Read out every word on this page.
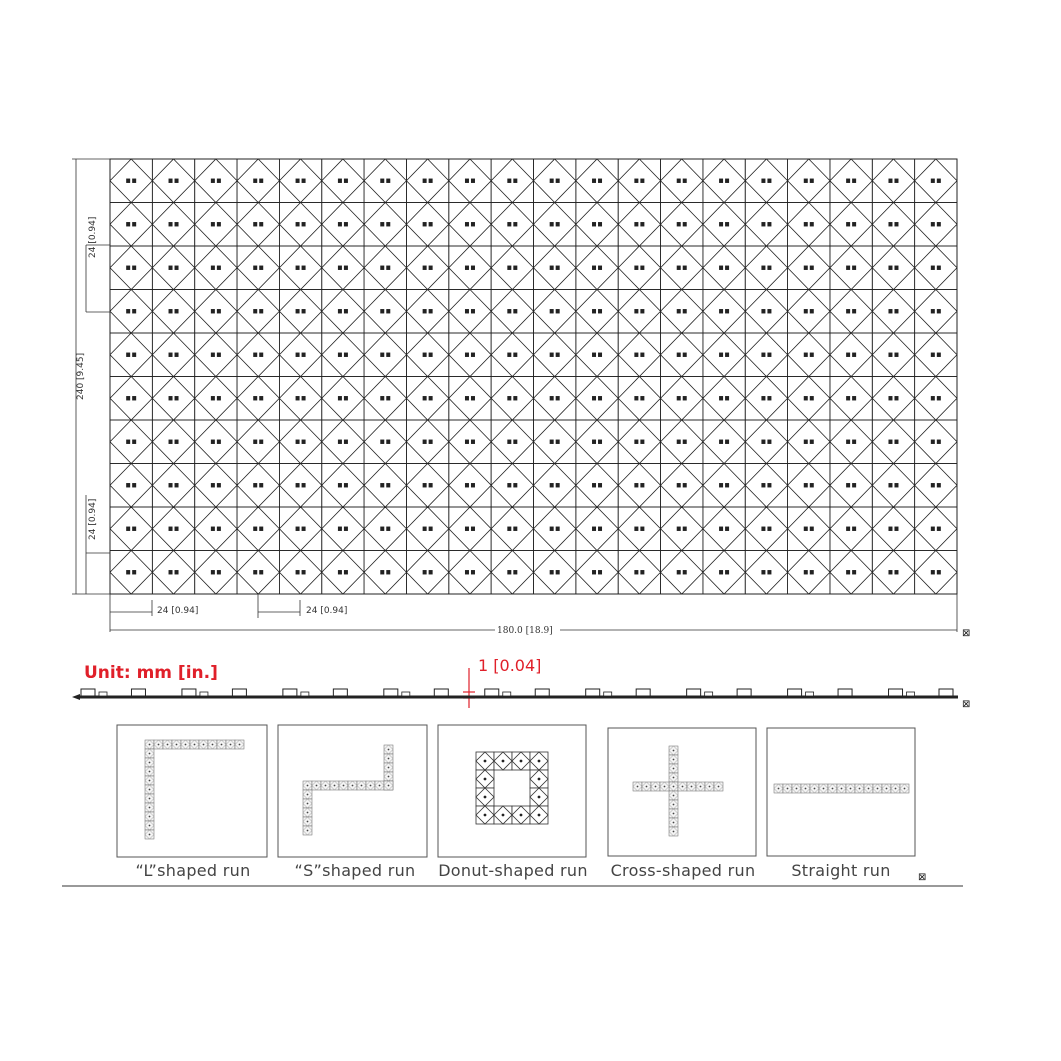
24 [0.94]
240 [9.45]
24 [0.94]
24 [0.94]	24 [0.94]
180.0 [18.9]	⊠
Unit: mm [in.]	1 [0.04]
⊠
“L”shaped run	“S”shaped run Donut-shaped run Cross-shaped run Straight run	⊠
